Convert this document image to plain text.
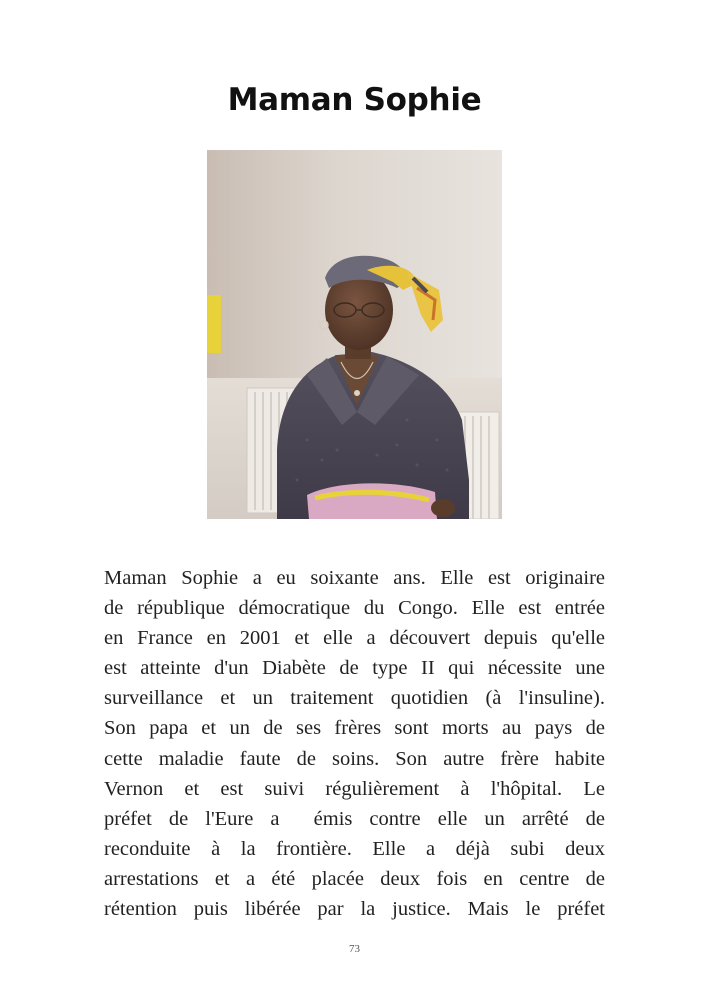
Maman Sophie
Maman Sophie a eu soixante ans. Elle est originaire
de république démocratique du Congo. Elle est entrée
en France en 2001 et elle a découvert depuis qu'elle
est atteinte d'un Diabète de type II qui nécessite une
surveillance et un traitement quotidien (à l'insuline).
Son papa et un de ses frères sont morts au pays de
cette maladie faute de soins. Son autre frère habite
Vernon et est suivi régulièrement à l'hôpital. Le
préfet de l'Eure a  émis contre elle un arrêté de
reconduite à la frontière. Elle a déjà subi deux
arrestations et a été placée deux fois en centre de
rétention puis libérée par la justice. Mais le préfet
73
